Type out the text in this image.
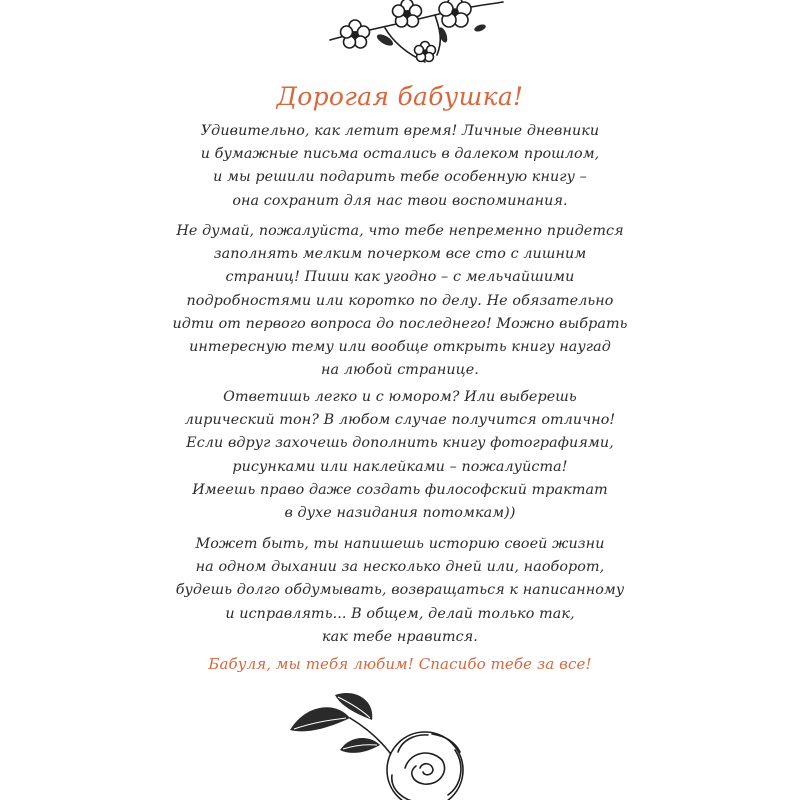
Дорогая бабушка!
Удивительно, как летит время! Личные дневники
и бумажные письма остались в далеком прошлом,
и мы решили подарить тебе особенную книгу –
она сохранит для нас твои воспоминания.
Не думай, пожалуйста, что тебе непременно придется
заполнять мелким почерком все сто с лишним
страниц! Пиши как угодно – с мельчайшими
подробностями или коротко по делу. Не обязательно
идти от первого вопроса до последнего! Можно выбрать
интересную тему или вообще открыть книгу наугад
на любой странице.
Ответишь легко и с юмором? Или выберешь
лирический тон? В любом случае получится отлично!
Если вдруг захочешь дополнить книгу фотографиями,
рисунками или наклейками – пожалуйста!
Имеешь право даже создать философский трактат
в духе назидания потомкам))
Может быть, ты напишешь историю своей жизни
на одном дыхании за несколько дней или, наоборот,
будешь долго обдумывать, возвращаться к написанному
и исправлять... В общем, делай только так,
как тебе нравится.
Бабуля, мы тебя любим! Спасибо тебе за все!
